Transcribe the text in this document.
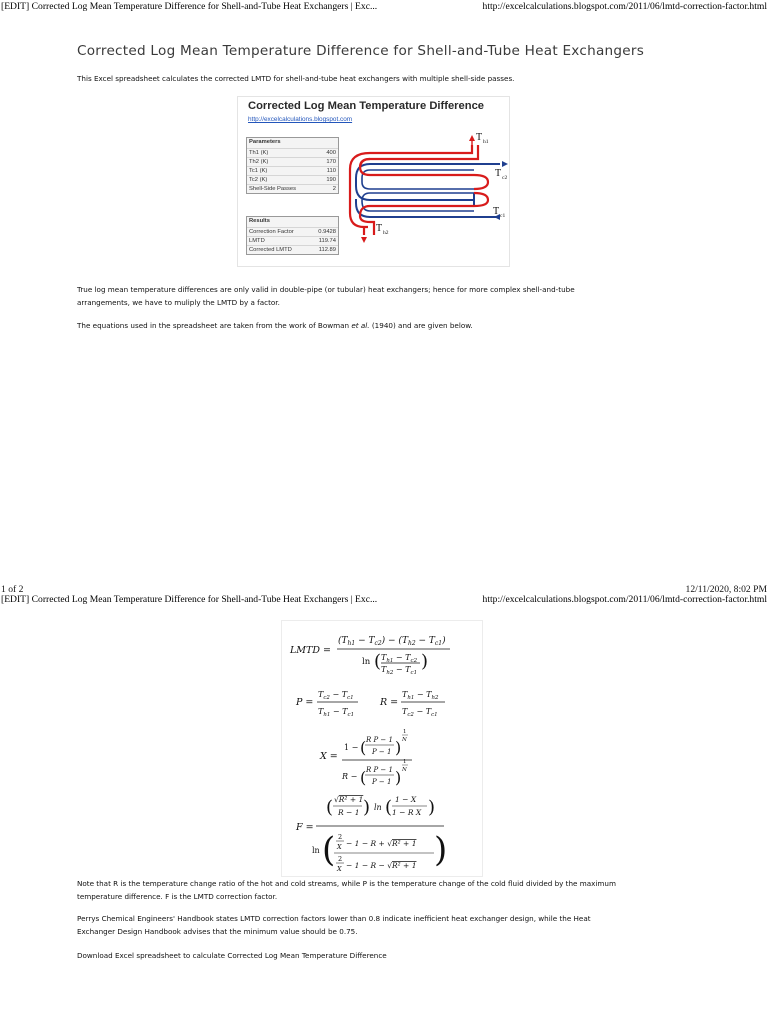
[EDIT] Corrected Log Mean Temperature Difference for Shell-and-Tube Heat Exchangers | Exc...	http://excelcalculations.blogspot.com/2011/06/lmtd-correction-factor.html
Corrected Log Mean Temperature Difference for Shell-and-Tube Heat Exchangers
This Excel spreadsheet calculates the corrected LMTD for shell-and-tube heat exchangers with multiple shell-side passes.
Corrected Log Mean Temperature Difference
http://excelcalculations.blogspot.com
Parameters
Th1 (K)	400
Th2 (K)	170
Tc1 (K)	110
Tc2 (K)	190
Shell-Side Passes	2
Results
Correction Factor	0.9428
LMTD	119.74
Corrected LMTD	112.89
T h1
T c2
T c1
T h2
True log mean temperature differences are only valid in double-pipe (or tubular) heat exchangers; hence for more complex shell-and-tube
arrangements, we have to muliply the LMTD by a factor.
The equations used in the spreadsheet are taken from the work of Bowman et al. (1940) and are given below.
1 of 2	12/11/2020, 8:02 PM
[EDIT] Corrected Log Mean Temperature Difference for Shell-and-Tube Heat Exchangers | Exc...	http://excelcalculations.blogspot.com/2011/06/lmtd-correction-factor.html
LMTD =
$(T_{h1} - T_{c2}) - (T_{h2} - T_{c1})$
ln ( $T_{h1} - T_{c2}$
$T_{h2} - T_{c1}$
)
P =
$T_{c2} - T_{c1}$
$T_{h1} - T_{c1}$
R =
$T_{h1} - T_{h2}$
$T_{c2} - T_{c1}$
X =
1 − ( R P − 1
P − 1 )
1
N
R − ( R P − 1
P − 1 )
1
N
F =
( √R² + 1
R − 1 ) ln ( 1 − X
1 − R X )
ln ( 2
X − 1 − R + √R² + 1
2
X − 1 − R − √R² + 1 )
Note that R is the temperature change ratio of the hot and cold streams, while P is the temperature change of the cold fluid divided by the maximum
temperature difference. F is the LMTD correction factor.
Perrys Chemical Engineers' Handbook states LMTD correction factors lower than 0.8 indicate inefficient heat exchanger design, while the Heat
Exchanger Design Handbook advises that the minimum value should be 0.75.
Download Excel spreadsheet to calculate Corrected Log Mean Temperature Difference
